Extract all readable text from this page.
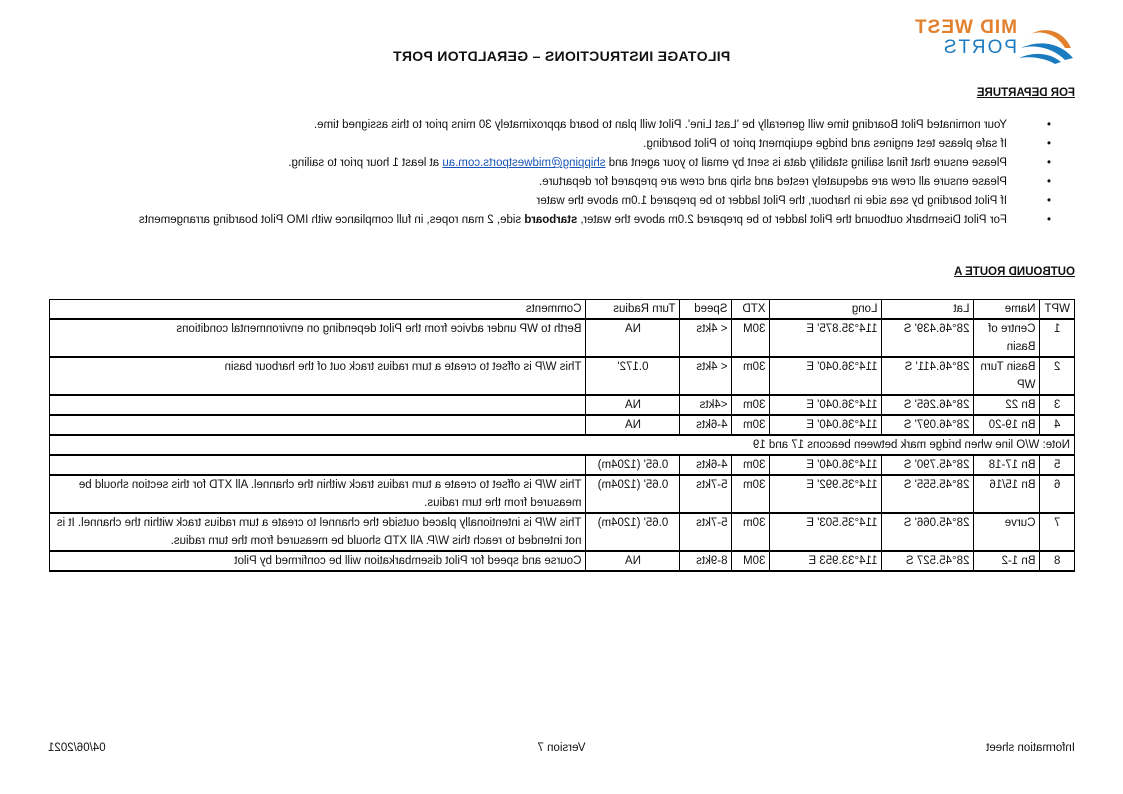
MID WEST
PORTS
PILOTAGE INSTRUCTIONS – GERALDTON PORT
FOR DEPARTURE
• Your nominated Pilot Boarding time will generally be 'Last Line'. Pilot will plan to board approximately 30 mins prior to this assigned time.
• If safe please test engines and bridge equipment prior to Pilot boarding.
• Please ensure that final sailing stability data is sent by email to your agent and shipping@midwestports.com.au at least 1 hour prior to sailing.
• Please ensure all crew are adequately rested and ship and crew are prepared for departure.
• If Pilot boarding by sea side in harbour, the Pilot ladder to be prepared 1.0m above the water
• For Pilot Disembark outbound the Pilot ladder to be prepared 2.0m above the water, starboard side, 2 man ropes, in full compliance with IMO Pilot boarding arrangements
OUTBOUND ROUTE A
WPT	Name	Lat	Long	XTD	Speed	Turn Radius	Comments
1	Centre of Basin	28°46.439' S	114°35.875' E	30M	< 4kts	NA	Berth to WP under advice from the Pilot depending on environmental conditions
2	Basin Turn WP	28°46.411' S	114°36.040' E	30m	< 4kts	0.172'	This W/P is offset to create a turn radius track out of the harbour basin
3	Bn 22	28°46.265' S	114°36.040' E	30m	<4kts	NA	
4	Bn 19-20	28°46.097' S	114°36.040' E	30m	4-6kts	NA	
Note: W/O line when bridge mark between beacons 17 and 19							
5	Bn 17-18	28°45.790' S	114°36.040' E	30m	4-6kts	0.65' (1204m)	
6	Bn 15/16	28°45.555' S	114°35.992' E	30m	5-7kts	0.65' (1204m)	This W/P is offset to create a turn radius track within the channel. All XTD for this section should be measured from the turn radius.
7	Curve	28°45.066' S	114°35.503' E	30m	5-7kts	0.65' (1204m)	This W/P is intentionally placed outside the channel to create a turn radius track within the channel. It is not intended to reach this W/P. All XTD should be measured from the turn radius.
8	Bn 1-2	28°45.527 S	114°33.953 E	30M	8-9kts	NA	Course and speed for Pilot disembarkation will be confirmed by Pilot
Information sheet
Version 7
04/06/2021
